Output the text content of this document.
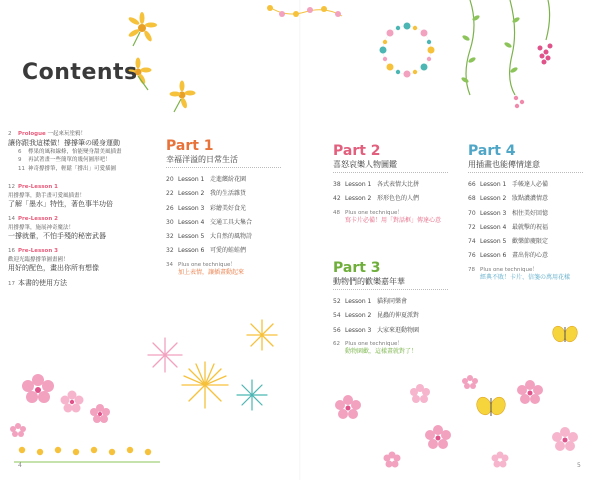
Contents
2 Prologue 一起來玩塗鴉！
讓你跟我這樣做！撐撐筆の暖身運動
6 檸果的風和線條，怡能變身甜美風插畫
9 再試著畫一些簡單的幾何圖形吧！
11 神奇撐撐筆，輕鬆「撐出」可愛插圖
12 Pre-Lesson 1
用撐撐筆，動手畫可愛風插畫！
了解「墨水」特性，著色事半功倍
14 Pre-Lesson 2
用撐撐筆，施展神奇魔法！
一撐就暈，不怕手殘的秘密武器
16 Pre-Lesson 3
歡迎光臨撐撐筆圖畫國！
用好的配色，畫出你所有想像
17 本書的使用方法
Part 1
幸福洋溢的日常生活
20 Lesson 1 走進繽紛花園
22 Lesson 2 我的生活雜貨
26 Lesson 3 彩繪美好食光
30 Lesson 4 交通工具大集合
32 Lesson 5 大自然的風物詩
32 Lesson 6 可愛的蛙蛙們
34 Plus one technique！
加上表情，讓插畫動起來
Part 2
喜怒哀樂人物圖鑑
38 Lesson 1 各式表情大比拼
42 Lesson 2 形形色色的人們
48 Plus one technique！
寫卡片必備！用「對話框」傳達心意
Part 3
動物們的歡樂嘉年華
52 Lesson 1 貓狗同樂會
54 Lesson 2 昆蟲的伸夏派對
56 Lesson 3 大家來逛動物園
62 Plus one technique！
動物園歡，這樣畫就對了！
Part 4
用插畫也能傳情達意
66 Lesson 1 手帳達人必備
68 Lesson 2 妝點濃濃情意
70 Lesson 3 相住美好回憶
72 Lesson 4 最就擊的祝福
74 Lesson 5 歡樂節慶限定
76 Lesson 6 畫出你的心意
78 Plus one technique！
經典不敗！卡片、信箋の萬用花樣
4	5
